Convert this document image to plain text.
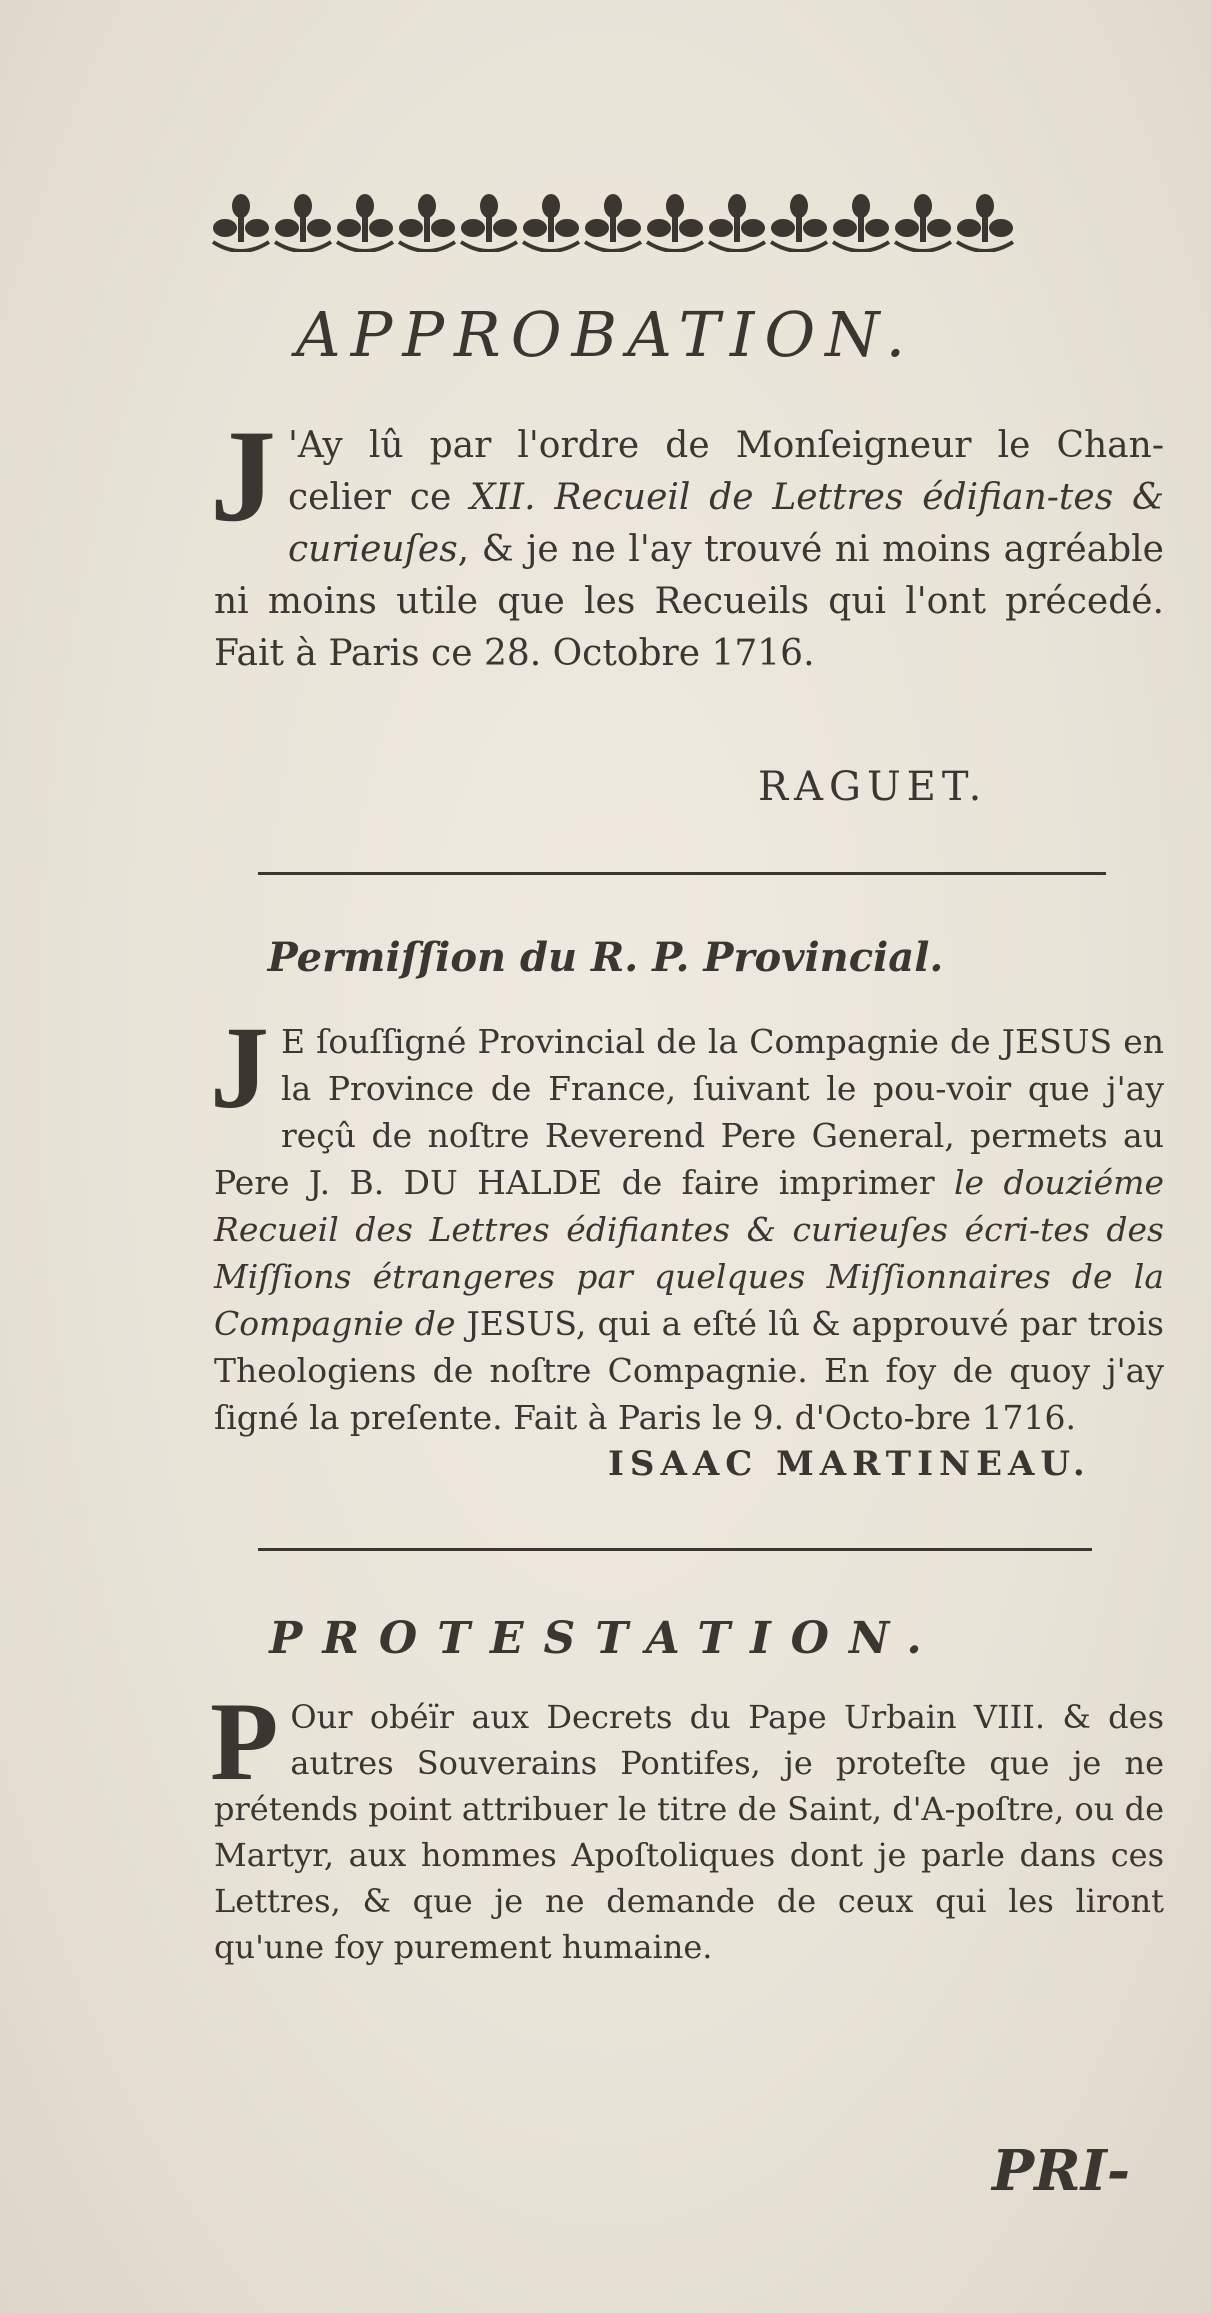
APPROBATION.
J 'Ay lû par l'ordre de Monſeigneur le Chan-celier ce XII. Recueil de Lettres édifian-tes & curieuſes, & je ne l'ay trouvé ni moins agréable ni moins utile que les Recueils qui l'ont précedé. Fait à Paris ce 28. Octobre 1716.
RAGUET.
Permiſſion du R. P. Provincial.
J E ſouſſigné Provincial de la Compagnie de JESUS en la Province de France, ſuivant le pou-voir que j'ay reçû de noſtre Reverend Pere General, permets au Pere J. B. DU HALDE de faire imprimer le douziéme Recueil des Lettres édifiantes & curieuſes écri-tes des Miſſions étrangeres par quelques Miſſionnaires de la Compagnie de JESUS, qui a eſté lû & approuvé par trois Theologiens de noſtre Compagnie. En foy de quoy j'ay ſigné la preſente. Fait à Paris le 9. d'Octo-bre 1716.
ISAAC MARTINEAU.
PROTESTATION.
P Our obéïr aux Decrets du Pape Urbain VIII. & des autres Souverains Pontifes, je proteſte que je ne prétends point attribuer le titre de Saint, d'A-poſtre, ou de Martyr, aux hommes Apoſtoliques dont je parle dans ces Lettres, & que je ne demande de ceux qui les liront qu'une foy purement humaine.
PRI-
